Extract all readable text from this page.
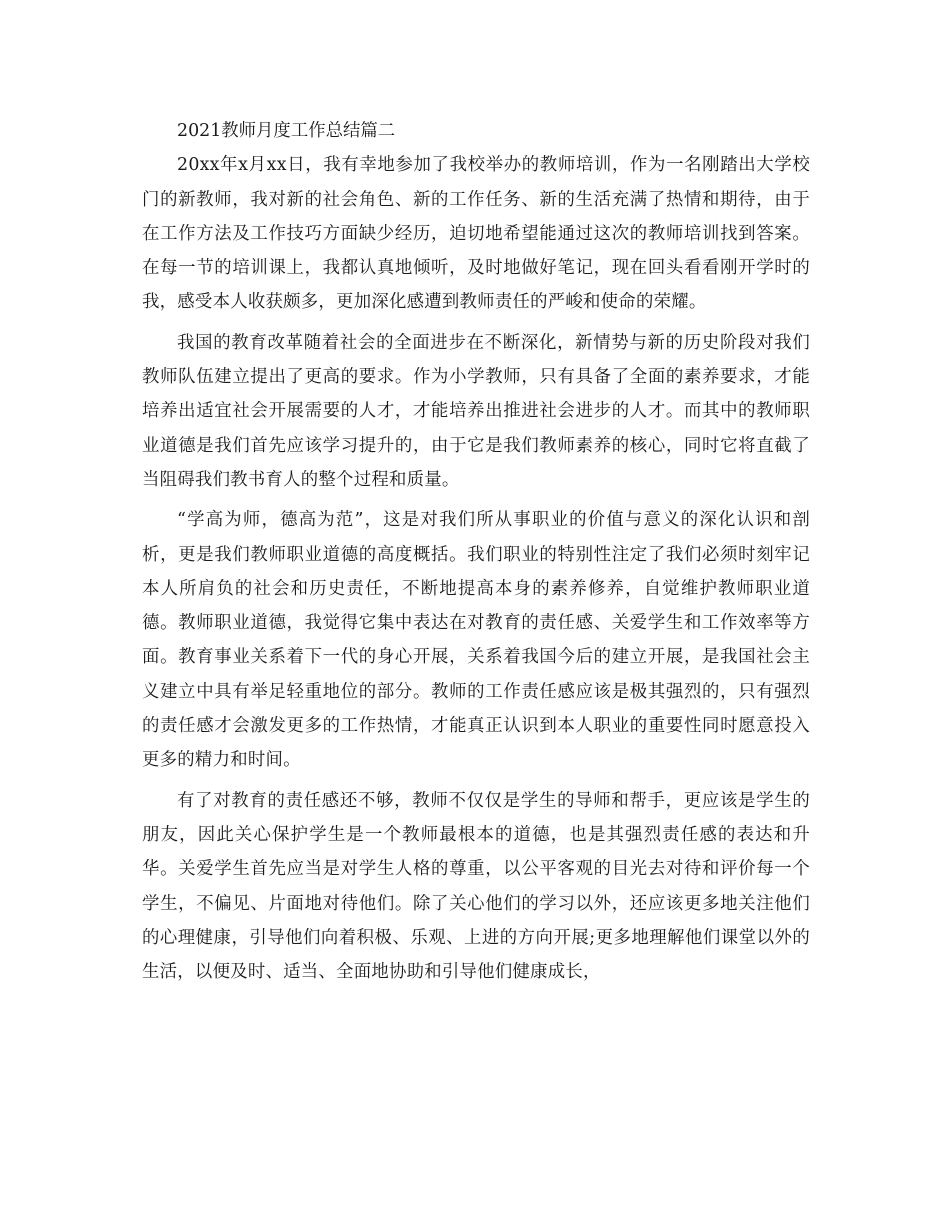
2021教师月度工作总结篇二

20xx年x月xx日，我有幸地参加了我校举办的教师培训，作为一名刚踏出大学校门的新教师，我对新的社会角色、新的工作任务、新的生活充满了热情和期待，由于在工作方法及工作技巧方面缺少经历，迫切地希望能通过这次的教师培训找到答案。在每一节的培训课上，我都认真地倾听，及时地做好笔记，现在回头看看刚开学时的我，感受本人收获颇多，更加深化感遭到教师责任的严峻和使命的荣耀。

我国的教育改革随着社会的全面进步在不断深化，新情势与新的历史阶段对我们教师队伍建立提出了更高的要求。作为小学教师，只有具备了全面的素养要求，才能培养出适宜社会开展需要的人才，才能培养出推进社会进步的人才。而其中的教师职业道德是我们首先应该学习提升的，由于它是我们教师素养的核心，同时它将直截了当阻碍我们教书育人的整个过程和质量。

“学高为师，德高为范”，这是对我们所从事职业的价值与意义的深化认识和剖析，更是我们教师职业道德的高度概括。我们职业的特别性注定了我们必须时刻牢记本人所肩负的社会和历史责任，不断地提高本身的素养修养，自觉维护教师职业道德。教师职业道德，我觉得它集中表达在对教育的责任感、关爱学生和工作效率等方面。教育事业关系着下一代的身心开展，关系着我国今后的建立开展，是我国社会主义建立中具有举足轻重地位的部分。教师的工作责任感应该是极其强烈的，只有强烈的责任感才会激发更多的工作热情，才能真正认识到本人职业的重要性同时愿意投入更多的精力和时间。

有了对教育的责任感还不够，教师不仅仅是学生的导师和帮手，更应该是学生的朋友，因此关心保护学生是一个教师最根本的道德，也是其强烈责任感的表达和升华。关爱学生首先应当是对学生人格的尊重，以公平客观的目光去对待和评价每一个学生，不偏见、片面地对待他们。除了关心他们的学习以外，还应该更多地关注他们的心理健康，引导他们向着积极、乐观、上进的方向开展;更多地理解他们课堂以外的生活，以便及时、适当、全面地协助和引导他们健康成长，
